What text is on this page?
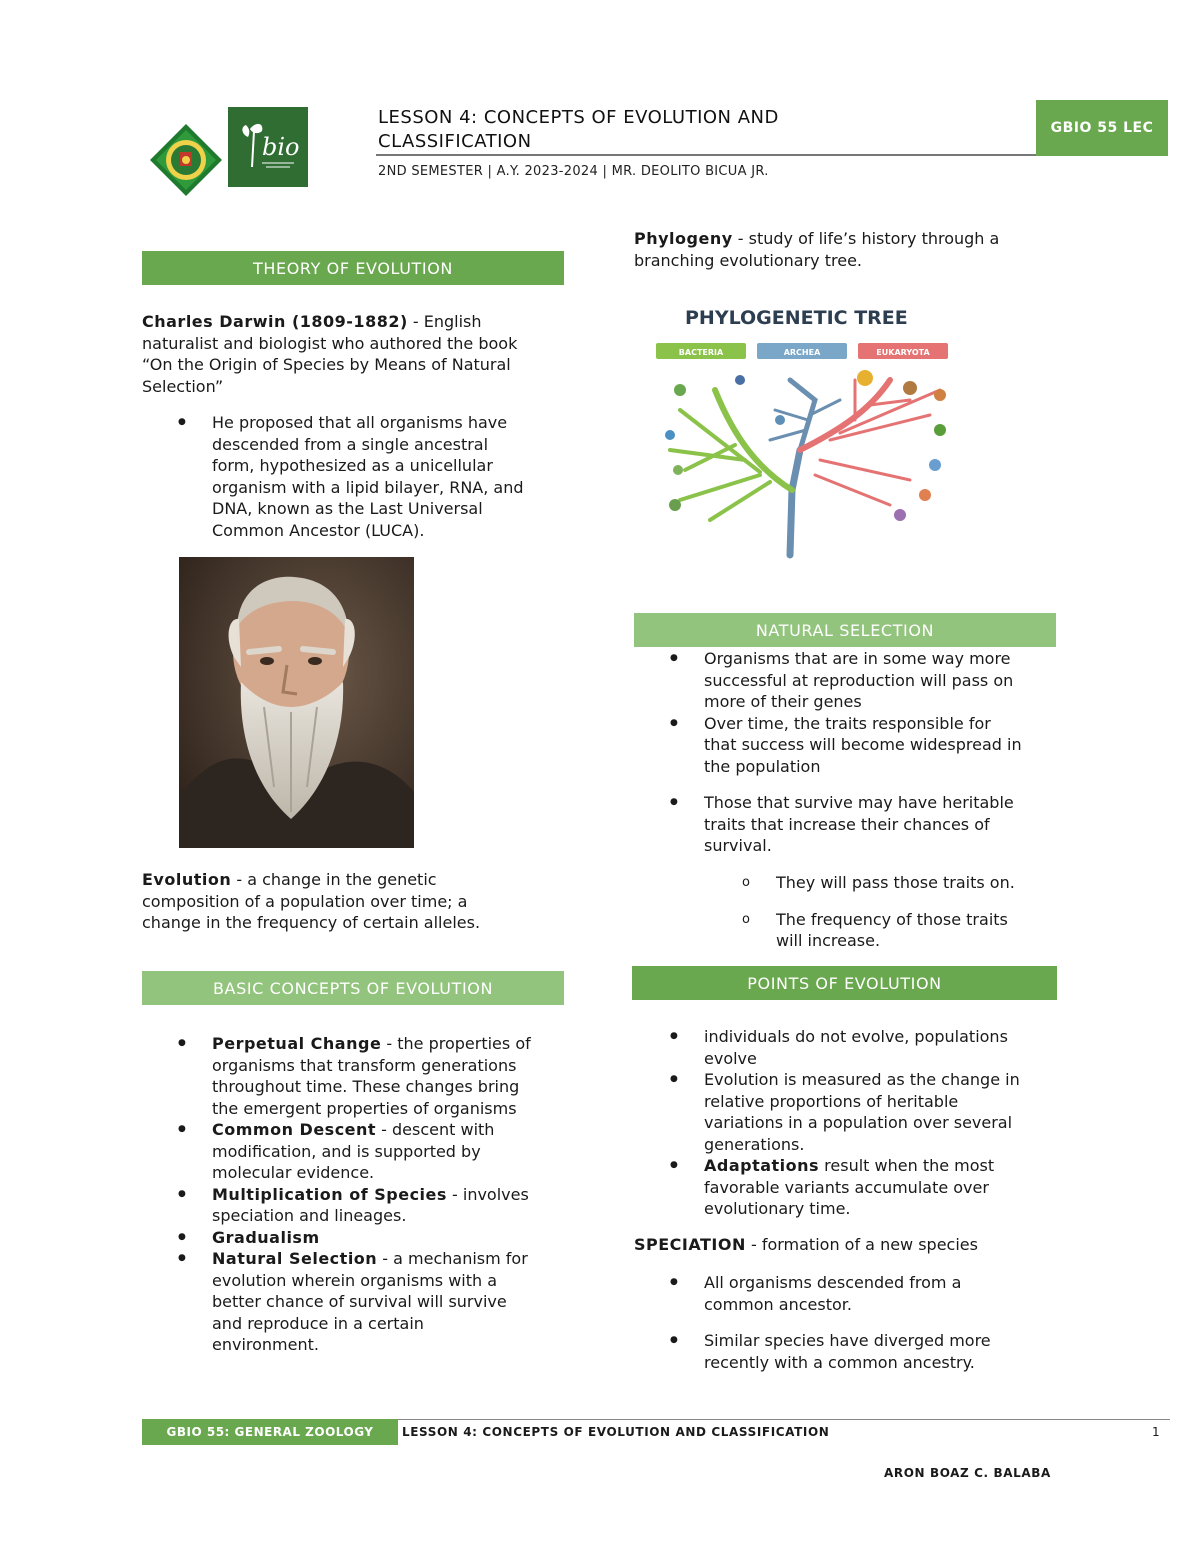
bio
LESSON 4: CONCEPTS OF EVOLUTION AND
CLASSIFICATION
2ND SEMESTER | A.Y. 2023-2024 | MR. DEOLITO BICUA JR.
GBIO 55 LEC
THEORY OF EVOLUTION
Charles Darwin (1809-1882) - English
naturalist and biologist who authored the book
“On the Origin of Species by Means of Natural
Selection”
● He proposed that all organisms have
descended from a single ancestral
form, hypothesized as a unicellular
organism with a lipid bilayer, RNA, and
DNA, known as the Last Universal
Common Ancestor (LUCA).
Evolution - a change in the genetic
composition of a population over time; a
change in the frequency of certain alleles.
BASIC CONCEPTS OF EVOLUTION
● Perpetual Change - the properties of
organisms that transform generations
throughout time. These changes bring
the emergent properties of organisms
● Common Descent - descent with
modification, and is supported by
molecular evidence.
● Multiplication of Species - involves
speciation and lineages.
● Gradualism
● Natural Selection - a mechanism for
evolution wherein organisms with a
better chance of survival will survive
and reproduce in a certain
environment.
Phylogeny - study of life’s history through a
branching evolutionary tree.
PHYLOGENETIC TREE
BACTERIA	ARCHEA	EUKARYOTA
NATURAL SELECTION
● Organisms that are in some way more
successful at reproduction will pass on
more of their genes
● Over time, the traits responsible for
that success will become widespread in
the population
● Those that survive may have heritable
traits that increase their chances of
survival.
o They will pass those traits on.
o The frequency of those traits
will increase.
POINTS OF EVOLUTION
● individuals do not evolve, populations
evolve
● Evolution is measured as the change in
relative proportions of heritable
variations in a population over several
generations.
● Adaptations result when the most
favorable variants accumulate over
evolutionary time.
SPECIATION - formation of a new species
● All organisms descended from a
common ancestor.
● Similar species have diverged more
recently with a common ancestry.
GBIO 55: GENERAL ZOOLOGY	LESSON 4: CONCEPTS OF EVOLUTION AND CLASSIFICATION	1
ARON BOAZ C. BALABA
